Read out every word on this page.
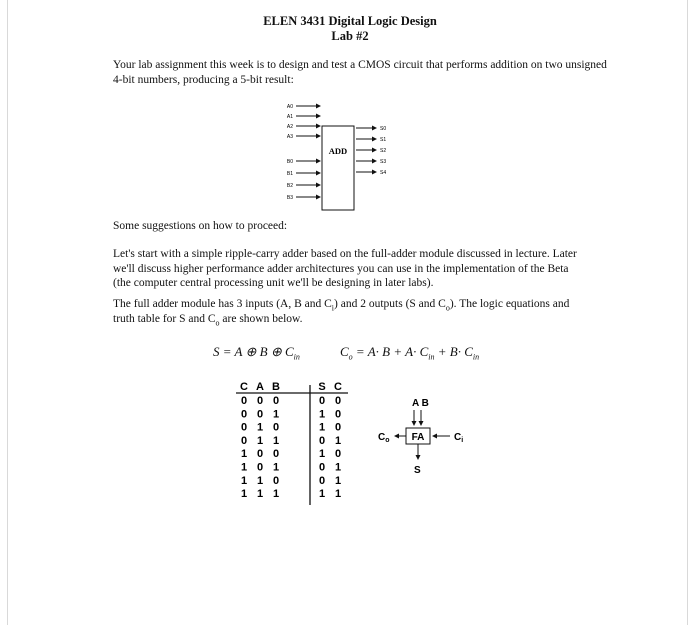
ELEN 3431 Digital Logic Design
Lab #2
Your lab assignment this week is to design and test a CMOS circuit that performs addition on two unsigned 4-bit numbers, producing a 5-bit result:
ADD
A0
A1
A2
A3
B0
B1
B2
B3
S0
S1
S2
S3
S4
Some suggestions on how to proceed:
Let's start with a simple ripple-carry adder based on the full-adder module discussed in lecture. Later we'll discuss higher performance adder architectures you can use in the implementation of the Beta (the computer central processing unit we'll be designing in later labs).
The full adder module has 3 inputs (A, B and $C_i$) and 2 outputs (S and $C_o$). The logic equations and truth table for S and $C_o$ are shown below.
S = A ⊕ B ⊕ $C_{in}$	$C_o = A\cdot B + A\cdot C_{in} + B\cdot C_{in}$
C A B	S C
0 0 0	0 0
0 0 1	1 0
0 1 0	1 0
0 1 1	0 1
1 0 0	1 0
1 0 1	0 1
1 1 0	0 1
1 1 1	1 1
A B
FA
$C_o$	$C_i$
S
